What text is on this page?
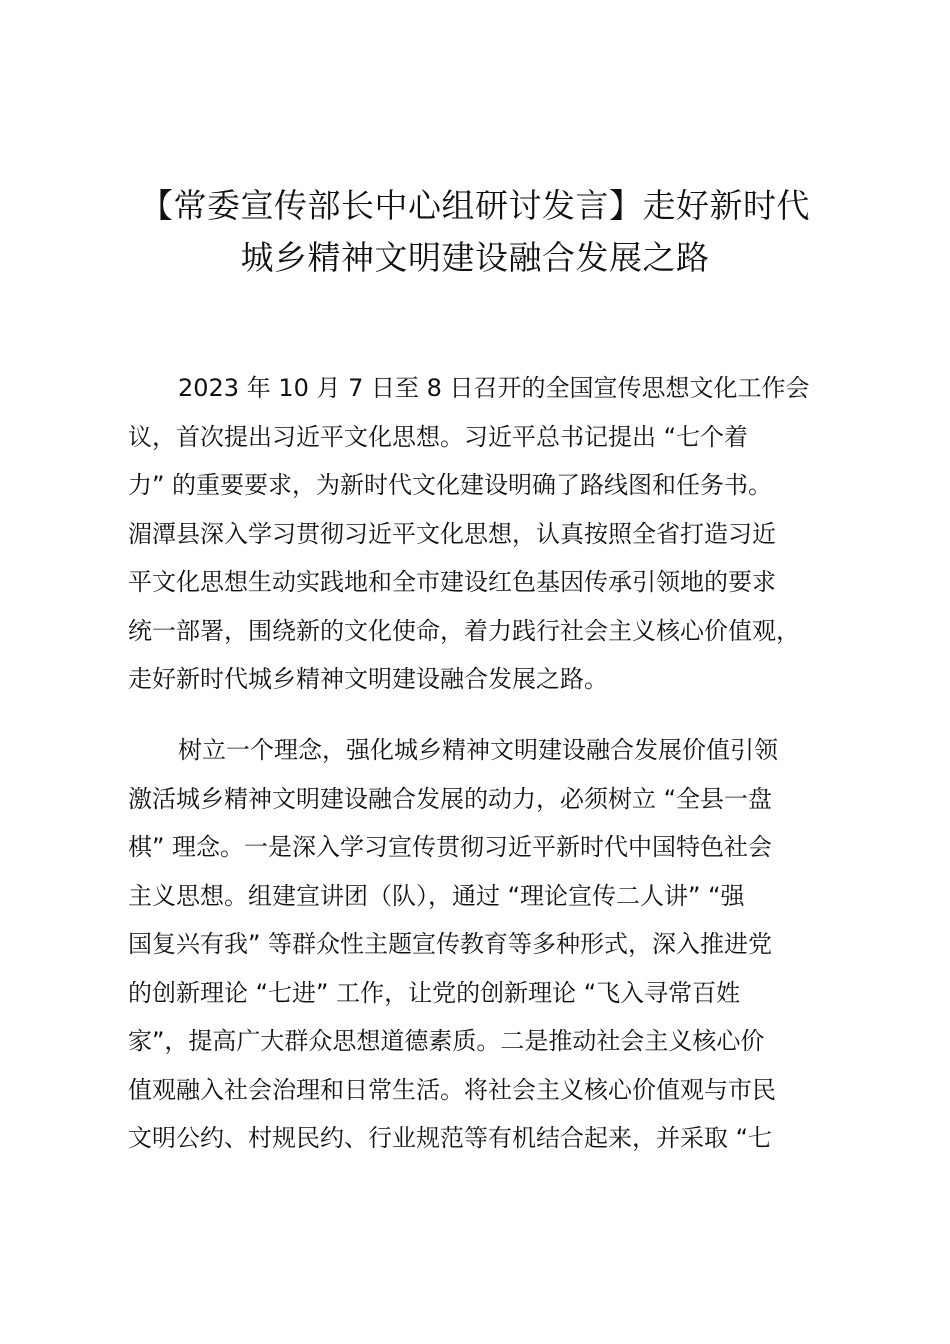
【常委宣传部长中心组研讨发言】走好新时代
城乡精神文明建设融合发展之路
2023 年 10 月 7 日至 8 日召开的全国宣传思想文化工作会
议，首次提出习近平文化思想。习近平总书记提出 “七个着
力” 的重要要求，为新时代文化建设明确了路线图和任务书。
湄潭县深入学习贯彻习近平文化思想，认真按照全省打造习近
平文化思想生动实践地和全市建设红色基因传承引领地的要求
统一部署，围绕新的文化使命，着力践行社会主义核心价值观，
走好新时代城乡精神文明建设融合发展之路。
树立一个理念，强化城乡精神文明建设融合发展价值引领
激活城乡精神文明建设融合发展的动力，必须树立 “全县一盘
棋” 理念。一是深入学习宣传贯彻习近平新时代中国特色社会
主义思想。组建宣讲团（队），通过 “理论宣传二人讲” “强
国复兴有我” 等群众性主题宣传教育等多种形式，深入推进党
的创新理论 “七进” 工作，让党的创新理论 “飞入寻常百姓
家”，提高广大群众思想道德素质。二是推动社会主义核心价
值观融入社会治理和日常生活。将社会主义核心价值观与市民
文明公约、村规民约、行业规范等有机结合起来，并采取 “七
